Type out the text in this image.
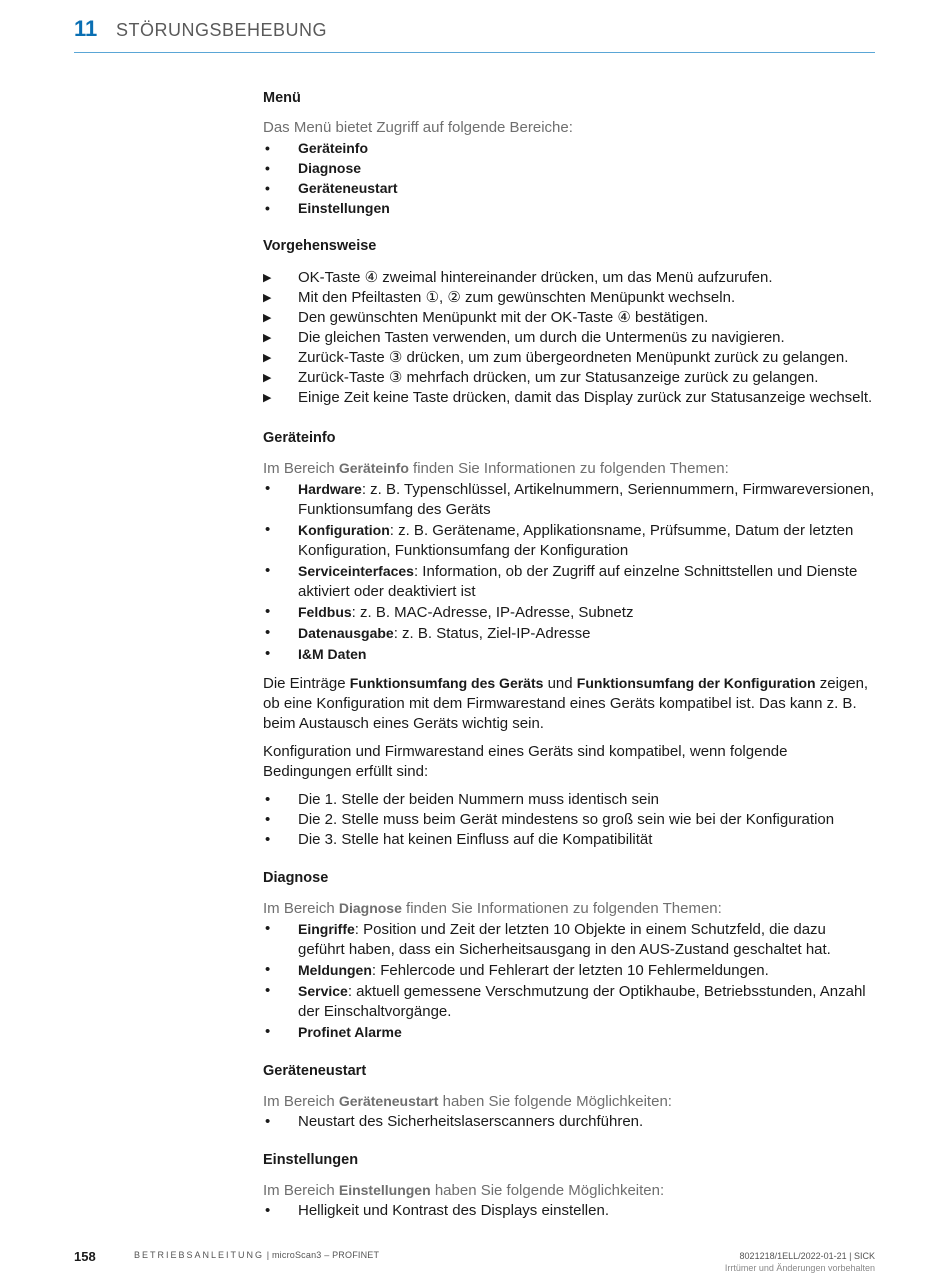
11 STÖRUNGSBEHEBUNG

Menü

Das Menü bietet Zugriff auf folgende Bereiche:

• Geräteinfo
• Diagnose
• Geräteneustart
• Einstellungen

Vorgehensweise

▶ OK-Taste ④ zweimal hintereinander drücken, um das Menü aufzurufen.
▶ Mit den Pfeiltasten ①, ② zum gewünschten Menüpunkt wechseln.
▶ Den gewünschten Menüpunkt mit der OK-Taste ④ bestätigen.
▶ Die gleichen Tasten verwenden, um durch die Untermenüs zu navigieren.
▶ Zurück-Taste ③ drücken, um zum übergeordneten Menüpunkt zurück zu gelangen.
▶ Zurück-Taste ③ mehrfach drücken, um zur Statusanzeige zurück zu gelangen.
▶ Einige Zeit keine Taste drücken, damit das Display zurück zur Statusanzeige wechselt.

Geräteinfo

Im Bereich Geräteinfo finden Sie Informationen zu folgenden Themen:

• Hardware: z. B. Typenschlüssel, Artikelnummern, Seriennummern, Firmwareversionen, Funktionsumfang des Geräts
• Konfiguration: z. B. Gerätename, Applikationsname, Prüfsumme, Datum der letzten Konfiguration, Funktionsumfang der Konfiguration
• Serviceinterfaces: Information, ob der Zugriff auf einzelne Schnittstellen und Dienste aktiviert oder deaktiviert ist
• Feldbus: z. B. MAC-Adresse, IP-Adresse, Subnetz
• Datenausgabe: z. B. Status, Ziel-IP-Adresse
• I&M Daten

Die Einträge Funktionsumfang des Geräts und Funktionsumfang der Konfiguration zeigen, ob eine Konfiguration mit dem Firmwarestand eines Geräts kompatibel ist. Das kann z. B. beim Austausch eines Geräts wichtig sein.

Konfiguration und Firmwarestand eines Geräts sind kompatibel, wenn folgende Bedingungen erfüllt sind:

• Die 1. Stelle der beiden Nummern muss identisch sein
• Die 2. Stelle muss beim Gerät mindestens so groß sein wie bei der Konfiguration
• Die 3. Stelle hat keinen Einfluss auf die Kompatibilität

Diagnose

Im Bereich Diagnose finden Sie Informationen zu folgenden Themen:

• Eingriffe: Position und Zeit der letzten 10 Objekte in einem Schutzfeld, die dazu geführt haben, dass ein Sicherheitsausgang in den AUS-Zustand geschaltet hat.
• Meldungen: Fehlercode und Fehlerart der letzten 10 Fehlermeldungen.
• Service: aktuell gemessene Verschmutzung der Optikhaube, Betriebsstunden, Anzahl der Einschaltvorgänge.
• Profinet Alarme

Geräteneustart

Im Bereich Geräteneustart haben Sie folgende Möglichkeiten:

• Neustart des Sicherheitslaserscanners durchführen.

Einstellungen

Im Bereich Einstellungen haben Sie folgende Möglichkeiten:

• Helligkeit und Kontrast des Displays einstellen.
158	BETRIEBSANLEITUNG | microScan3 – PROFINET	8021218/1ELL/2022-01-21 | SICK
Irrtümer und Änderungen vorbehalten
